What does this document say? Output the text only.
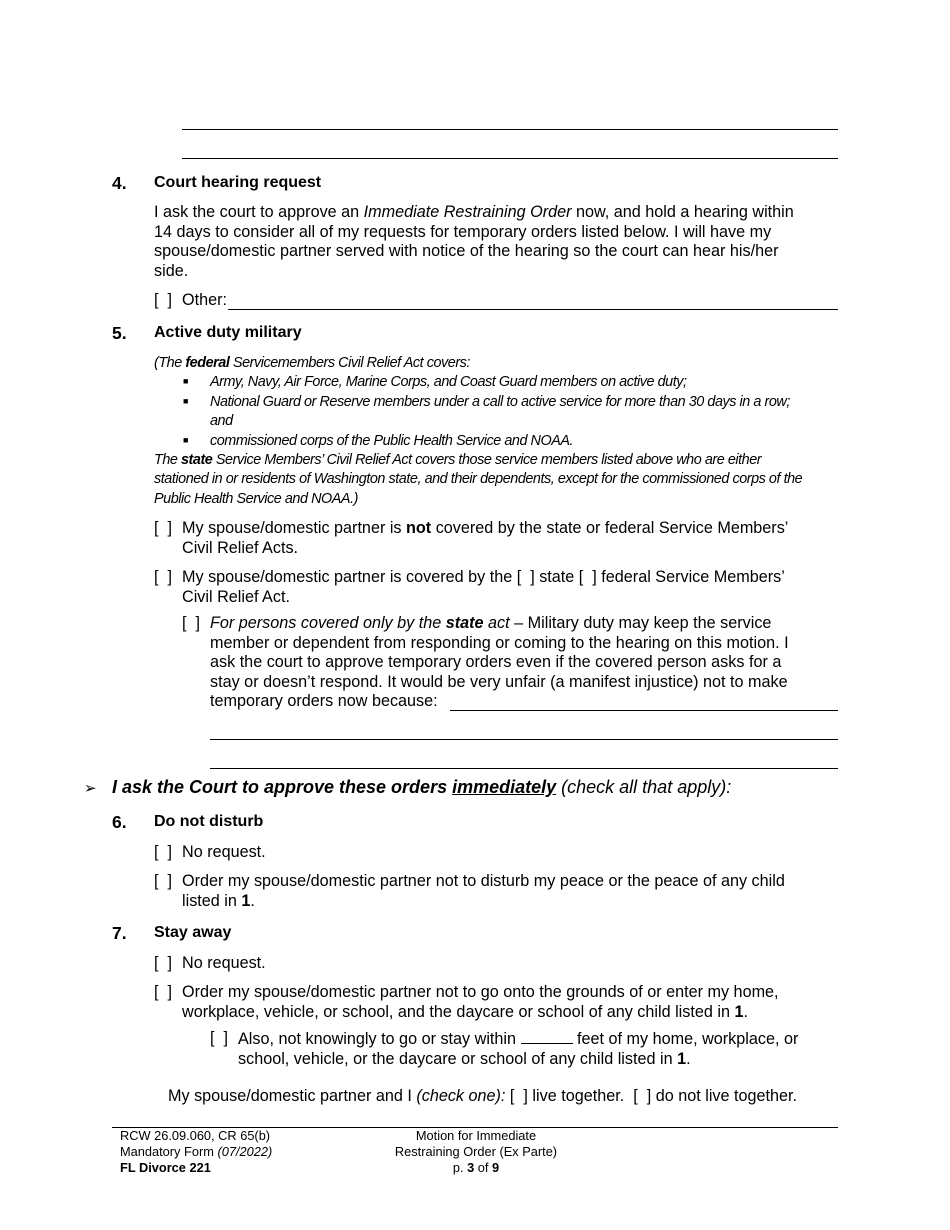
4. Court hearing request
I ask the court to approve an Immediate Restraining Order now, and hold a hearing within
14 days to consider all of my requests for temporary orders listed below. I will have my
spouse/domestic partner served with notice of the hearing so the court can hear his/her
side.
[  ] Other:
5. Active duty military
(The federal Servicemembers Civil Relief Act covers:
■ Army, Navy, Air Force, Marine Corps, and Coast Guard members on active duty;
■ National Guard or Reserve members under a call to active service for more than 30 days in a row;
and
■ commissioned corps of the Public Health Service and NOAA.
The state Service Members’ Civil Relief Act covers those service members listed above who are either
stationed in or residents of Washington state, and their dependents, except for the commissioned corps of the
Public Health Service and NOAA.)
[  ] My spouse/domestic partner is not covered by the state or federal Service Members’
Civil Relief Acts.
[  ] My spouse/domestic partner is covered by the [  ] state [  ] federal Service Members’
Civil Relief Act.
[  ] For persons covered only by the state act – Military duty may keep the service
member or dependent from responding or coming to the hearing on this motion. I
ask the court to approve temporary orders even if the covered person asks for a
stay or doesn’t respond. It would be very unfair (a manifest injustice) not to make
temporary orders now because:
➢ I ask the Court to approve these orders immediately (check all that apply):
6. Do not disturb
[  ] No request.
[  ] Order my spouse/domestic partner not to disturb my peace or the peace of any child
listed in 1.
7. Stay away
[  ] No request.
[  ] Order my spouse/domestic partner not to go onto the grounds of or enter my home,
workplace, vehicle, or school, and the daycare or school of any child listed in 1.
[  ] Also, not knowingly to go or stay within	feet of my home, workplace, or
school, vehicle, or the daycare or school of any child listed in 1.
My spouse/domestic partner and I (check one): [  ] live together.  [  ] do not live together.
RCW 26.09.060, CR 65(b)
Mandatory Form (07/2022)
FL Divorce 221
Motion for Immediate
Restraining Order (Ex Parte)
p. 3 of 9
